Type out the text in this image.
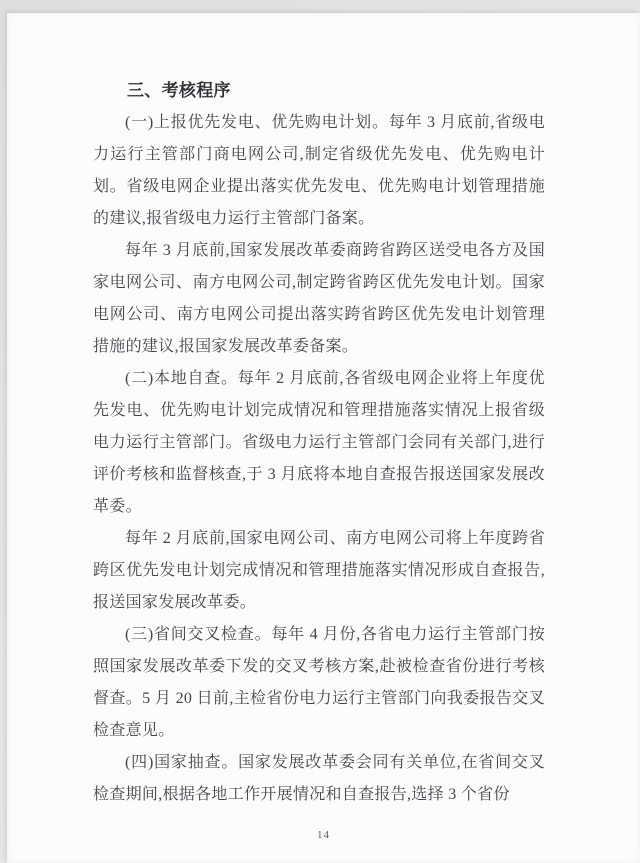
三、考核程序

(一)上报优先发电、优先购电计划。每年 3 月底前,省级电力运行主管部门商电网公司,制定省级优先发电、优先购电计划。省级电网企业提出落实优先发电、优先购电计划管理措施的建议,报省级电力运行主管部门备案。

每年 3 月底前,国家发展改革委商跨省跨区送受电各方及国家电网公司、南方电网公司,制定跨省跨区优先发电计划。国家电网公司、南方电网公司提出落实跨省跨区优先发电计划管理措施的建议,报国家发展改革委备案。

(二)本地自查。每年 2 月底前,各省级电网企业将上年度优先发电、优先购电计划完成情况和管理措施落实情况上报省级电力运行主管部门。省级电力运行主管部门会同有关部门,进行评价考核和监督核查,于 3 月底将本地自查报告报送国家发展改革委。

每年 2 月底前,国家电网公司、南方电网公司将上年度跨省跨区优先发电计划完成情况和管理措施落实情况形成自查报告,报送国家发展改革委。

(三)省间交叉检查。每年 4 月份,各省电力运行主管部门按照国家发展改革委下发的交叉考核方案,赴被检查省份进行考核督查。5 月 20 日前,主检省份电力运行主管部门向我委报告交叉检查意见。

(四)国家抽查。国家发展改革委会同有关单位,在省间交叉检查期间,根据各地工作开展情况和自查报告,选择 3 个省份

14
